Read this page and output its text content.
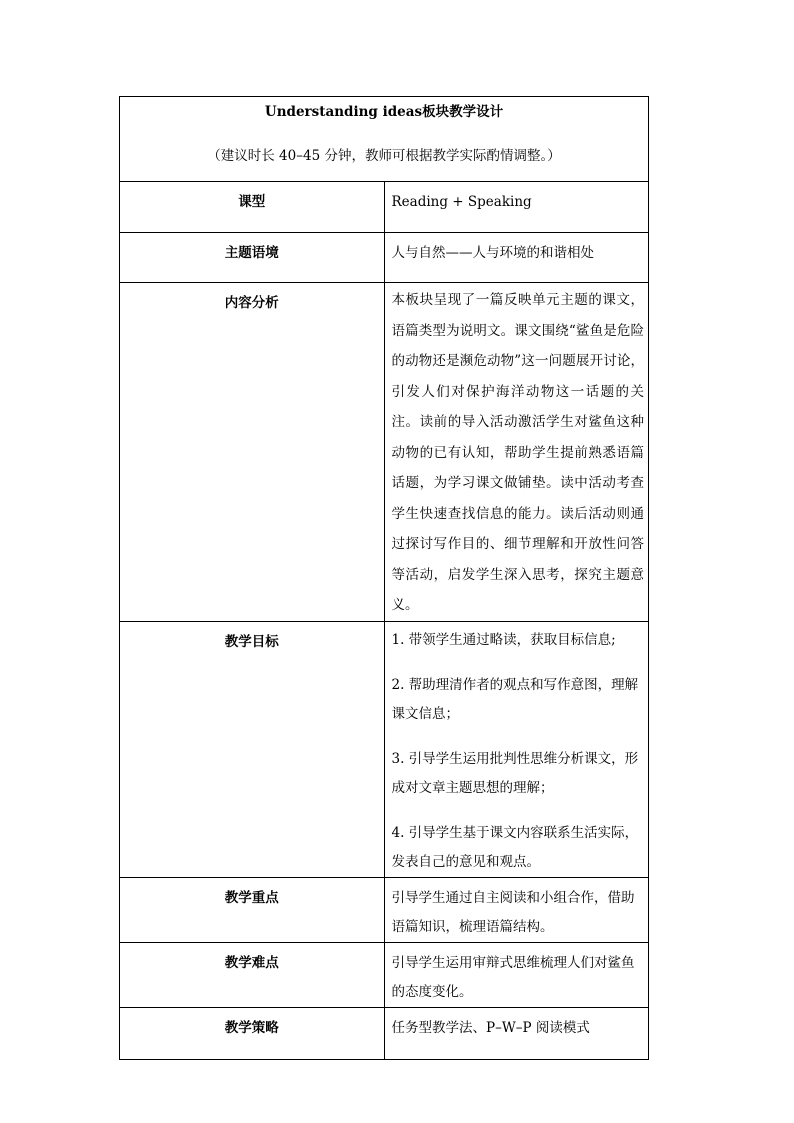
Understanding ideas板块教学设计
（建议时长 40–45 分钟，教师可根据教学实际酌情调整。）	

课型	Reading + Speaking
主题语境	人与自然——人与环境的和谐相处
内容分析	本板块呈现了一篇反映单元主题的课文，语篇类型为说明文。课文围绕“鲨鱼是危险的动物还是濒危动物”这一问题展开讨论，引发人们对保护海洋动物这一话题的关注。读前的导入活动激活学生对鲨鱼这种动物的已有认知，帮助学生提前熟悉语篇话题，为学习课文做铺垫。读中活动考查学生快速查找信息的能力。读后活动则通过探讨写作目的、细节理解和开放性问答等活动，启发学生深入思考，探究主题意义。
教学目标	1. 带领学生通过略读，获取目标信息;
2. 帮助理清作者的观点和写作意图，理解课文信息；
3. 引导学生运用批判性思维分析课文，形成对文章主题思想的理解；
4. 引导学生基于课文内容联系生活实际，发表自己的意见和观点。

教学重点	引导学生通过自主阅读和小组合作，借助语篇知识，梳理语篇结构。
教学难点	引导学生运用审辩式思维梳理人们对鲨鱼的态度变化。
教学策略	任务型教学法、P–W–P 阅读模式
